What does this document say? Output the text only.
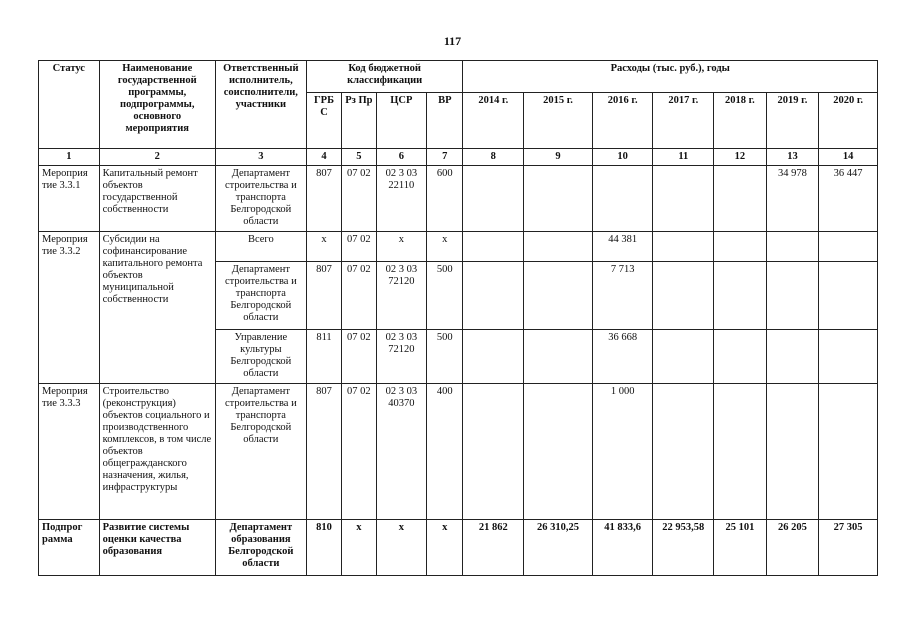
117
Статус	Наименование государственной программы, подпрограммы, основного мероприятия	Ответственный исполнитель, соисполнители, участники	Код бюджетной классификации				Расходы (тыс. руб.), годы						
			ГРБ С	Рз Пр	ЦСР	ВР	2014 г.	2015 г.	2016 г.	2017 г.	2018 г.	2019 г.	2020 г.
1	2	3	4	5	6	7	8	9	10	11	12	13	14
Мероприя тие 3.3.1	Капитальный ремонт объектов государственной собственности	Департамент строительства и транспорта Белгородской области	807	07 02	02 3 03 22110	600						34 978	36 447
Мероприя тие 3.3.2	Субсидии на софинансирование капитального ремонта объектов муниципальной собственности	Всего	х	07 02	х	х			44 381				
		Департамент строительства и транспорта Белгородской области	807	07 02	02 3 03 72120	500			7 713				
		Управление культуры Белгородской области	811	07 02	02 3 03 72120	500			36 668				
Мероприя тие 3.3.3	Строительство (реконструкция) объектов социального и производственного комплексов, в том числе объектов общегражданского назначения, жилья, инфраструктуры	Департамент строительства и транспорта Белгородской области	807	07 02	02 3 03 40370	400			1 000				
Подпрог рамма	Развитие системы оценки качества образования	Департамент образования Белгородской области	810	х	х	х	21 862	26 310,25	41 833,6	22 953,58	25 101	26 205	27 305
